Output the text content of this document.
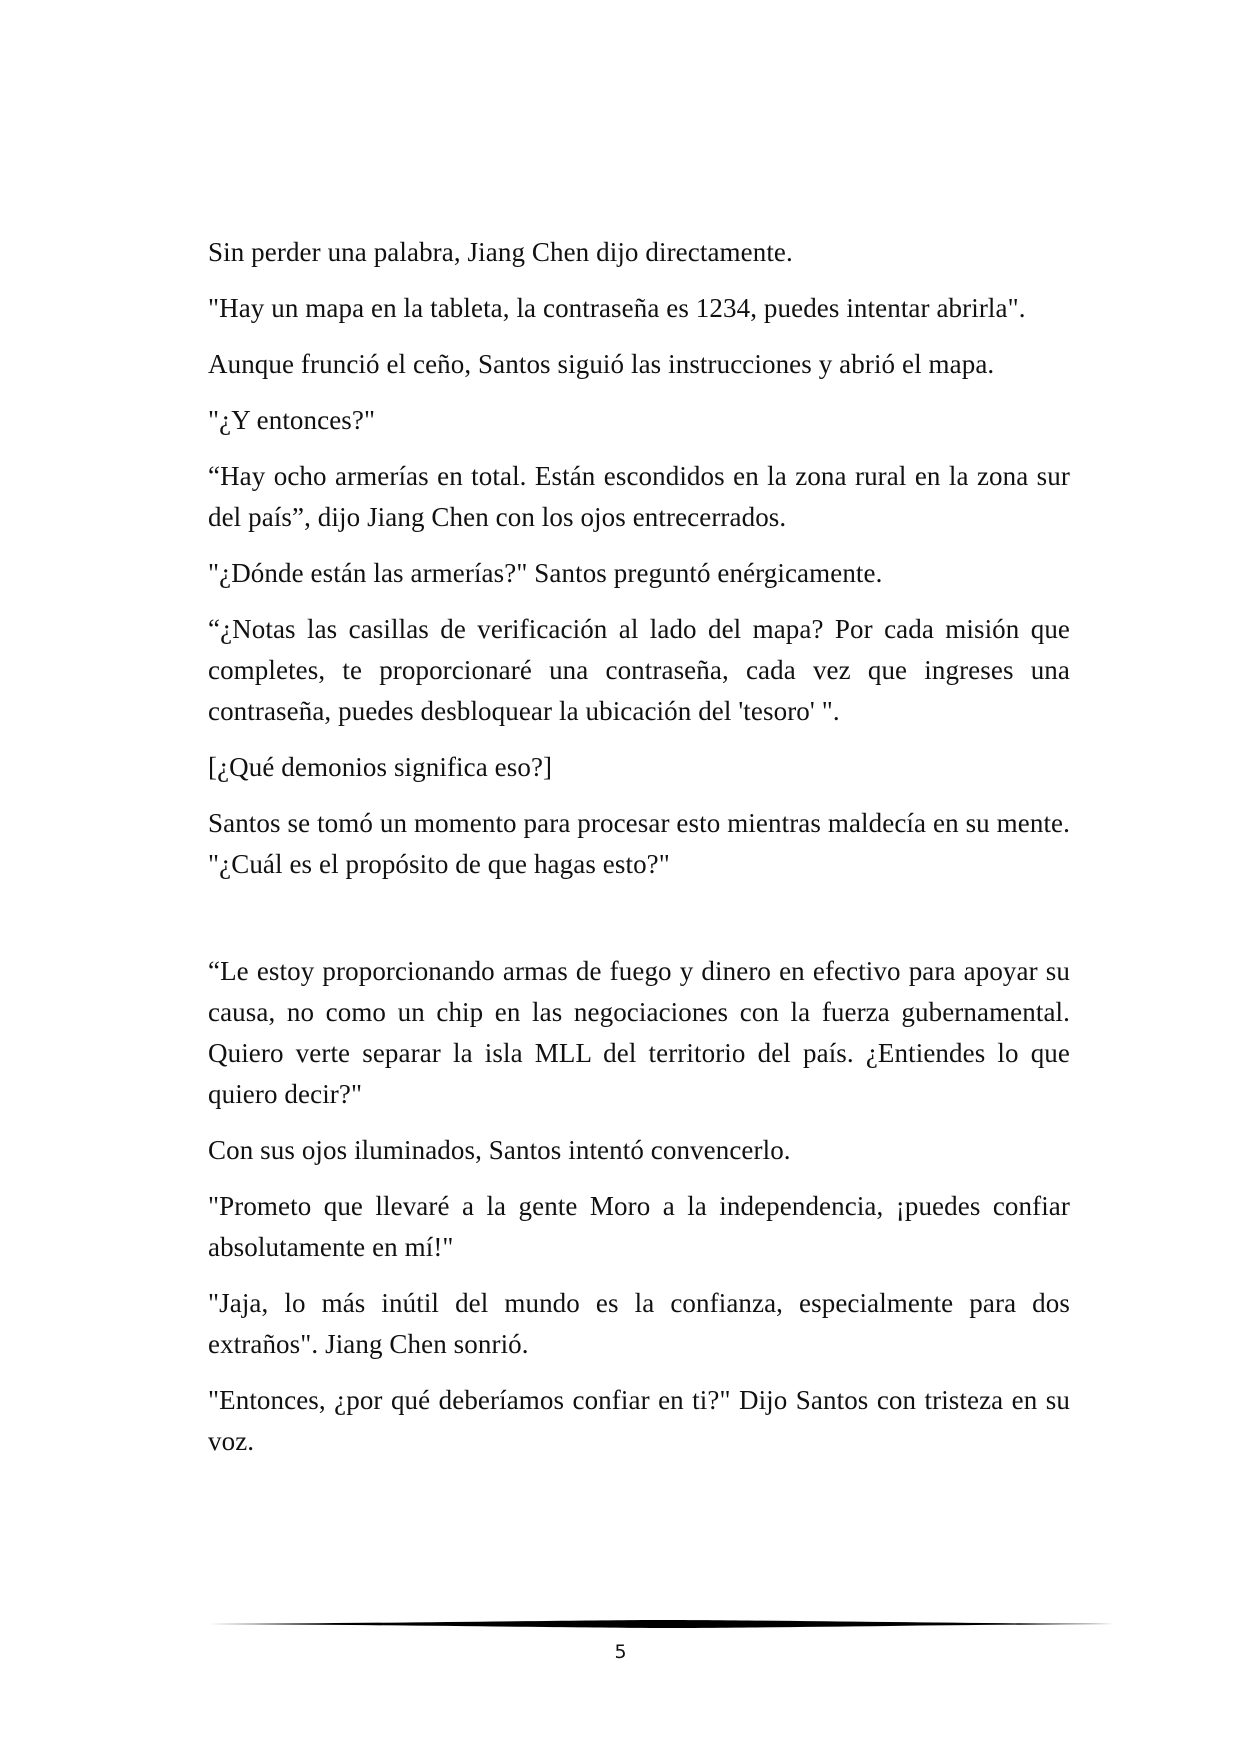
Sin perder una palabra, Jiang Chen dijo directamente.

"Hay un mapa en la tableta, la contraseña es 1234, puedes intentar abrirla".

Aunque frunció el ceño, Santos siguió las instrucciones y abrió el mapa.

"¿Y entonces?"

“Hay ocho armerías en total. Están escondidos en la zona rural en la zona sur del país”, dijo Jiang Chen con los ojos entrecerrados.

"¿Dónde están las armerías?" Santos preguntó enérgicamente.

“¿Notas las casillas de verificación al lado del mapa? Por cada misión que completes, te proporcionaré una contraseña, cada vez que ingreses una contraseña, puedes desbloquear la ubicación del 'tesoro' ".

[¿Qué demonios significa eso?]

Santos se tomó un momento para procesar esto mientras maldecía en su mente. "¿Cuál es el propósito de que hagas esto?"

“Le estoy proporcionando armas de fuego y dinero en efectivo para apoyar su causa, no como un chip en las negociaciones con la fuerza gubernamental. Quiero verte separar la isla MLL del territorio del país. ¿Entiendes lo que quiero decir?"

Con sus ojos iluminados, Santos intentó convencerlo.

"Prometo que llevaré a la gente Moro a la independencia, ¡puedes confiar absolutamente en mí!"

"Jaja, lo más inútil del mundo es la confianza, especialmente para dos extraños". Jiang Chen sonrió.

"Entonces, ¿por qué deberíamos confiar en ti?" Dijo Santos con tristeza en su voz.

5
